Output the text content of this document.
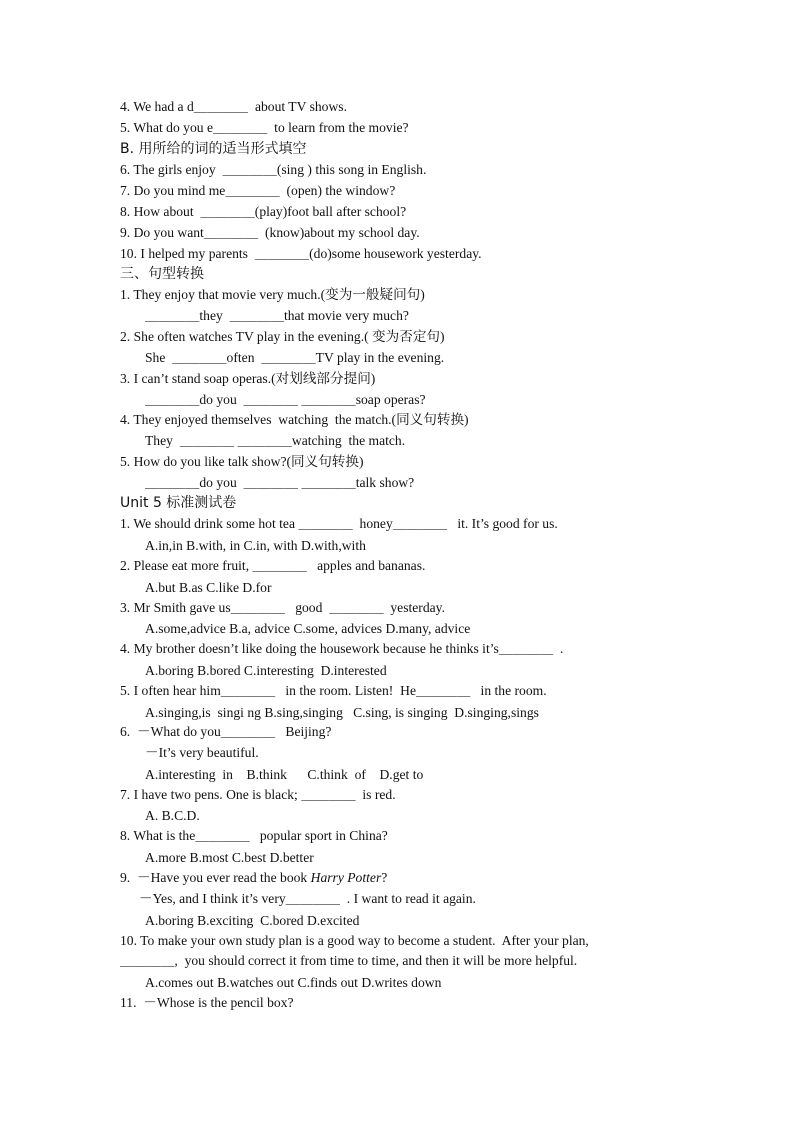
4. We had a d＿＿＿＿  about TV shows.
5. What do you e＿＿＿＿  to learn from the movie?
B. 用所给的词的适当形式填空
6. The girls enjoy  ＿＿＿＿(sing ) this song in English.
7. Do you mind me＿＿＿＿  (open) the window?
8. How about  ＿＿＿＿(play)foot ball after school?
9. Do you want＿＿＿＿  (know)about my school day.
10. I helped my parents  ＿＿＿＿(do)some housework yesterday.
三、句型转换
1. They enjoy that movie very much.(变为一般疑问句)
＿＿＿＿they  ＿＿＿＿that movie very much?
2. She often watches TV play in the evening.( 变为否定句)
She  ＿＿＿＿often  ＿＿＿＿TV play in the evening.
3. I can’t stand soap operas.(对划线部分提问)
＿＿＿＿do you  ＿＿＿＿ ＿＿＿＿soap operas?
4. They enjoyed themselves  watching  the match.(同义句转换)
They  ＿＿＿＿ ＿＿＿＿watching  the match.
5. How do you like talk show?(同义句转换)
＿＿＿＿do you  ＿＿＿＿ ＿＿＿＿talk show?
Unit 5 标准测试卷
1. We should drink some hot tea ＿＿＿＿  honey＿＿＿＿   it. It’s good for us.
A.in,in B.with, in C.in, with D.with,with
2. Please eat more fruit, ＿＿＿＿   apples and bananas.
A.but B.as C.like D.for
3. Mr Smith gave us＿＿＿＿   good  ＿＿＿＿  yesterday.
A.some,advice B.a, advice C.some, advices D.many, advice
4. My brother doesn’t like doing the housework because he thinks it’s＿＿＿＿  .
A.boring B.bored C.interesting  D.interested
5. I often hear him＿＿＿＿   in the room. Listen!  He＿＿＿＿   in the room.
A.singing,is  singi ng B.sing,singing   C.sing, is singing  D.singing,sings
6.  －What do you＿＿＿＿   Beijing?
－It’s very beautiful.
A.interesting  in    B.think      C.think  of    D.get to
7. I have two pens. One is black; ＿＿＿＿  is red.
A. B.C.D.
8. What is the＿＿＿＿   popular sport in China?
A.more B.most C.best D.better
9.  －Have you ever read the book Harry Potter?
－Yes, and I think it’s very＿＿＿＿  . I want to read it again.
A.boring B.exciting  C.bored D.excited
10. To make your own study plan is a good way to become a student.  After your plan,
＿＿＿＿,  you should correct it from time to time, and then it will be more helpful.
A.comes out B.watches out C.finds out D.writes down
11.  －Whose is the pencil box?
